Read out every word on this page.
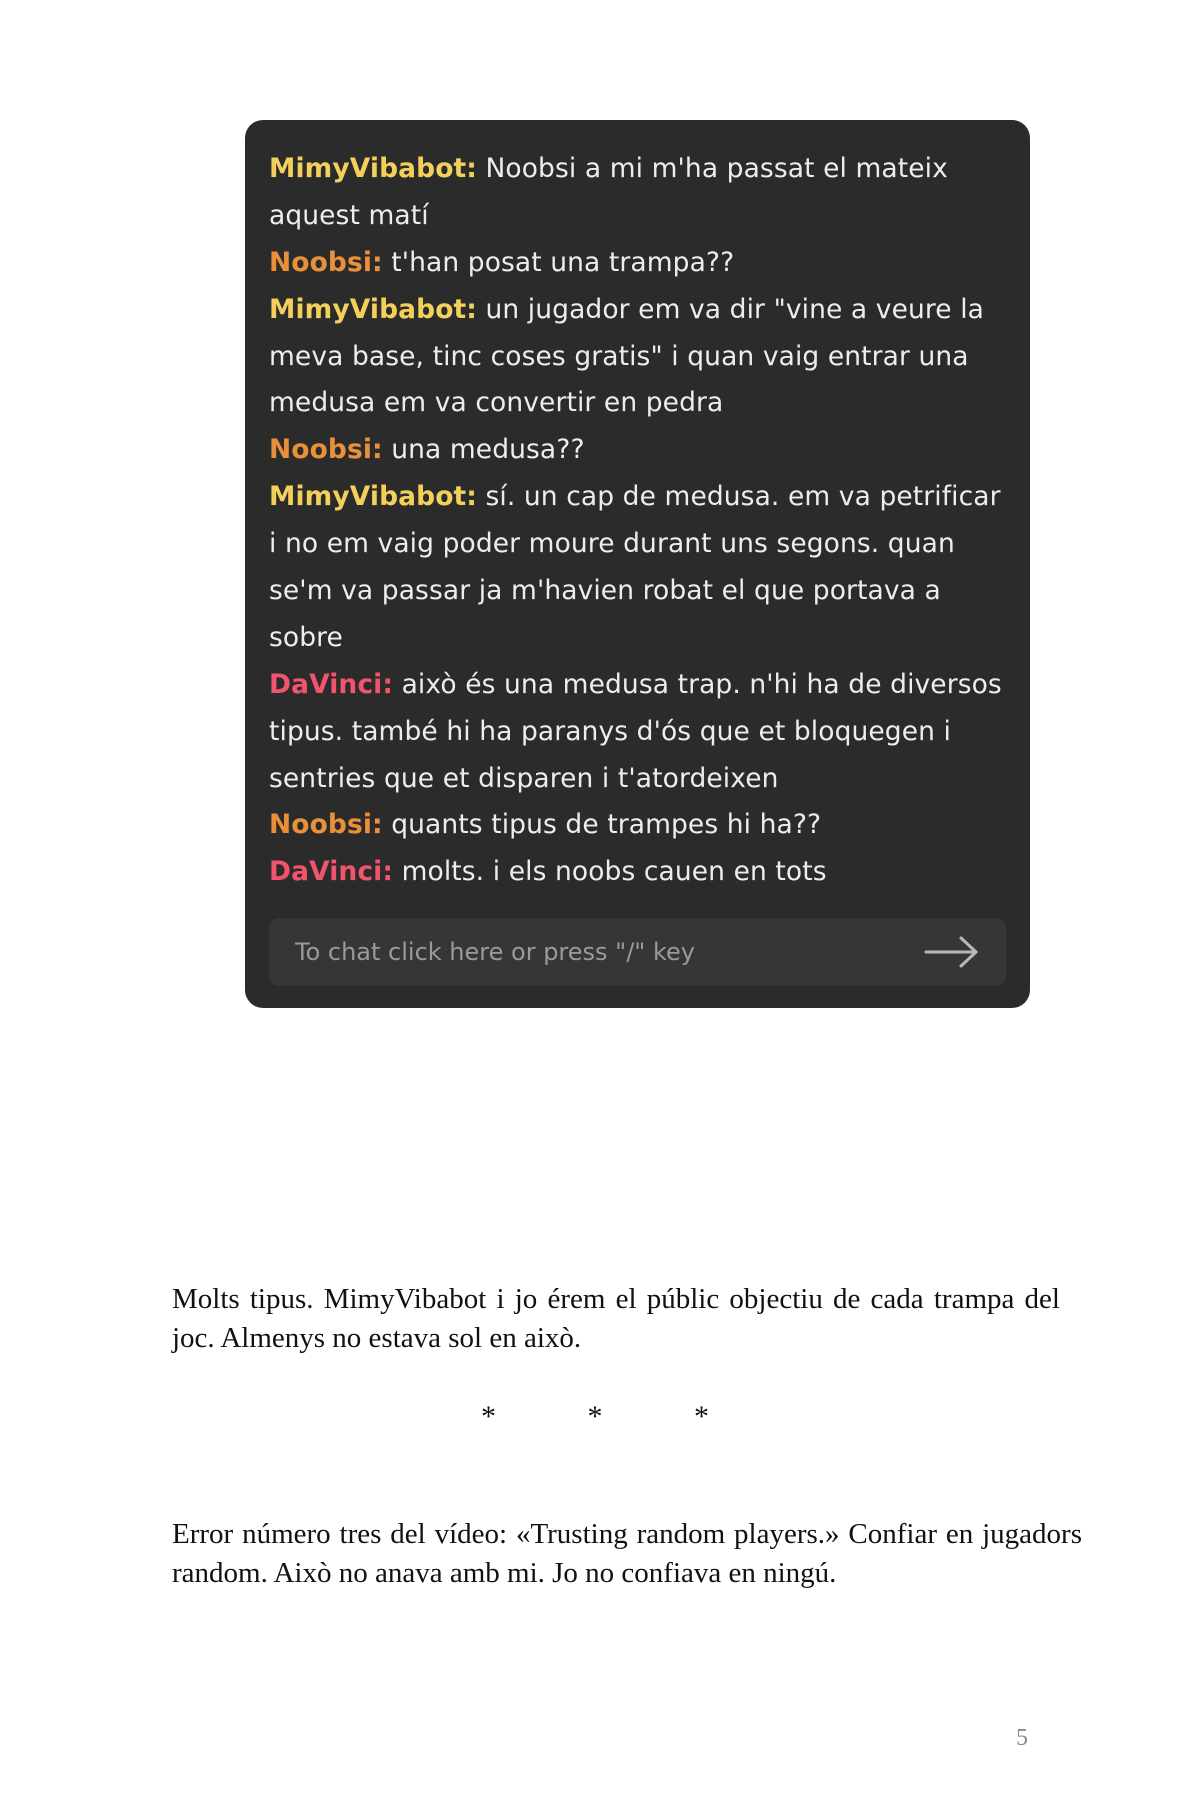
MimyVibabot: Noobsi a mi m'ha passat el mateix aquest matí

Noobsi: t'han posat una trampa??

MimyVibabot: un jugador em va dir "vine a veure la meva base, tinc coses gratis" i quan vaig entrar una medusa em va convertir en pedra

Noobsi: una medusa??

MimyVibabot: sí. un cap de medusa. em va petrificar i no em vaig poder moure durant uns segons. quan se'm va passar ja m'havien robat el que portava a sobre

DaVinci: això és una medusa trap. n'hi ha de diversos tipus. també hi ha paranys d'ós que et bloquegen i sentries que et disparen i t'atordeixen

Noobsi: quants tipus de trampes hi ha??

DaVinci: molts. i els noobs cauen en tots

To chat click here or press "/" key
Molts tipus. MimyVibabot i jo érem el públic objectiu de cada trampa del joc. Almenys no estava sol en això.
* * *
Error número tres del vídeo: «Trusting random players.» Confiar en jugadors random. Això no anava amb mi. Jo no confiava en ningú.
5
